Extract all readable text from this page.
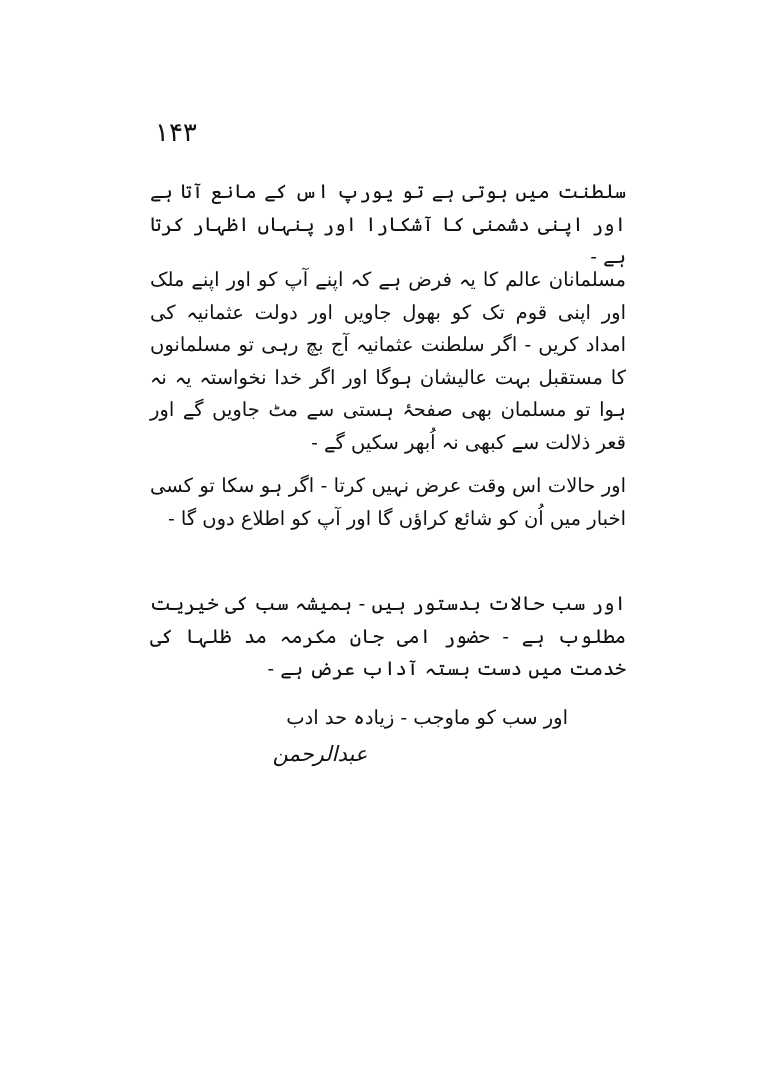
۱۴۳

سلطنت میں ہوتی ہے تو یورپ اس کے مانع آتا ہے اور اپنی دشمنی کا آشکارا اور پنہاں اظہار کرتا ہے -

مسلمانان عالم کا یہ فرض ہے کہ اپنے آپ کو اور اپنے ملک اور اپنی قوم تک کو بھول جاویں اور دولت عثمانیہ کی امداد کریں - اگر سلطنت عثمانیہ آج بچ رہی تو مسلمانوں کا مستقبل بہت عالیشان ہوگا اور اگر خدا نخواستہ یہ نہ ہوا تو مسلمان بھی صفحۂ ہستی سے مٹ جاویں گے اور قعر ذلالت سے کبھی نہ اُبھر سکیں گے -

اور حالات اس وقت عرض نہیں کرتا - اگر ہو سکا تو کسی اخبار میں اُن کو شائع کراؤں گا اور آپ کو اطلاع دوں گا -

اور سب حالات بدستور ہیں - ہمیشہ سب کی خیریت مطلوب ہے - حضور امی جان مکرمہ مد ظلہا کی خدمت میں دست بستہ آداب عرض ہے -

اور سب کو ماوجب - زیادہ حد ادب
عبدالرحمن
